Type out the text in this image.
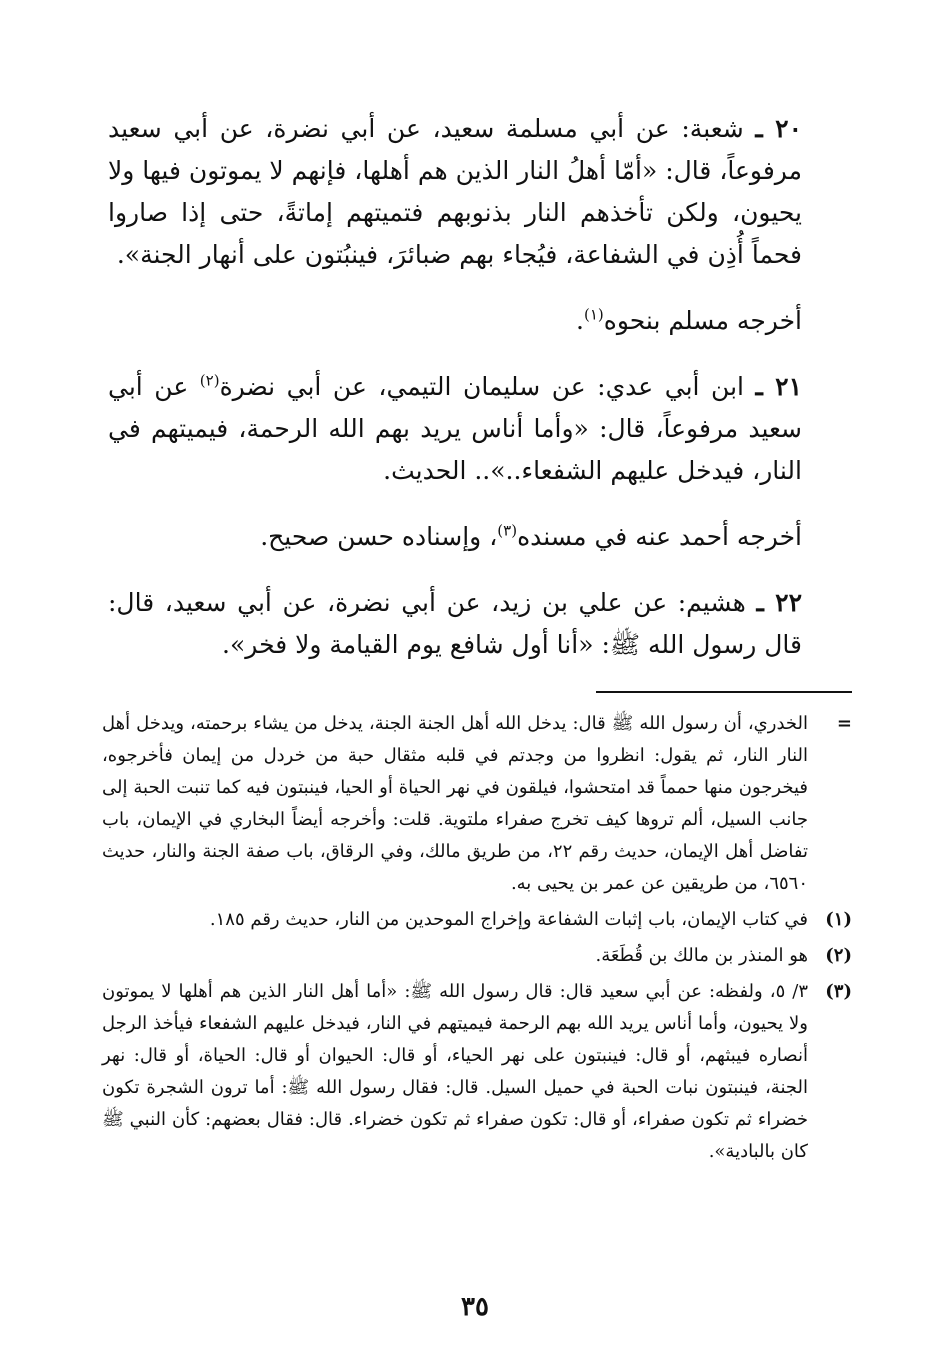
٢٠ ـ شعبة: عن أبي مسلمة سعيد، عن أبي نضرة، عن أبي سعيد مرفوعاً، قال: «أمّا أهلُ النار الذين هم أهلها، فإنهم لا يموتون فيها ولا يحيون، ولكن تأخذهم النار بذنوبهم فتميتهم إماتةً، حتى إذا صاروا فحماً أُذِن في الشفاعة، فيُجاء بهم ضبائرَ، فينبُتون على أنهار الجنة».

أخرجه مسلم بنحوه$^{(١)}$.

٢١ ـ ابن أبي عدي: عن سليمان التيمي، عن أبي نضرة$^{(٢)}$ عن أبي سعيد مرفوعاً، قال: «وأما أناس يريد بهم الله الرحمة، فيميتهم في النار، فيدخل عليهم الشفعاء..».. الحديث.

أخرجه أحمد عنه في مسنده$^{(٣)}$، وإسناده حسن صحيح.

٢٢ ـ هشيم: عن علي بن زيد، عن أبي نضرة، عن أبي سعيد، قال: قال رسول الله ﷺ: «أنا أول شافع يوم القيامة ولا فخر».

=
الخدري، أن رسول الله ﷺ قال: يدخل الله أهل الجنة الجنة، يدخل من يشاء برحمته، ويدخل أهل النار النار، ثم يقول: انظروا من وجدتم في قلبه مثقال حبة من خردل من إيمان فأخرجوه، فيخرجون منها حمماً قد امتحشوا، فيلقون في نهر الحياة أو الحيا، فينبتون فيه كما تنبت الحبة إلى جانب السيل، ألم تروها كيف تخرج صفراء ملتوية. قلت: وأخرجه أيضاً البخاري في الإيمان، باب تفاضل أهل الإيمان، حديث رقم ٢٢، من طريق مالك، وفي الرقاق، باب صفة الجنة والنار، حديث ٦٥٦٠، من طريقين عن عمر بن يحيى به.
(١)
في كتاب الإيمان، باب إثبات الشفاعة وإخراج الموحدين من النار، حديث رقم ١٨٥.
(٢)
هو المنذر بن مالك بن قُطَعَة.
(٣)
٣/ ٥، ولفظه: عن أبي سعيد قال: قال رسول الله ﷺ: «أما أهل النار الذين هم أهلها لا يموتون ولا يحيون، وأما أناس يريد الله بهم الرحمة فيميتهم في النار، فيدخل عليهم الشفعاء فيأخذ الرجل أنصاره فيبثهم، أو قال: فينبتون على نهر الحياء، أو قال: الحيوان أو قال: الحياة، أو قال: نهر الجنة، فينبتون نبات الحبة في حميل السيل. قال: فقال رسول الله ﷺ: أما ترون الشجرة تكون خضراء ثم تكون صفراء، أو قال: تكون صفراء ثم تكون خضراء. قال: فقال بعضهم: كأن النبي ﷺ كان بالبادية».
٣٥
